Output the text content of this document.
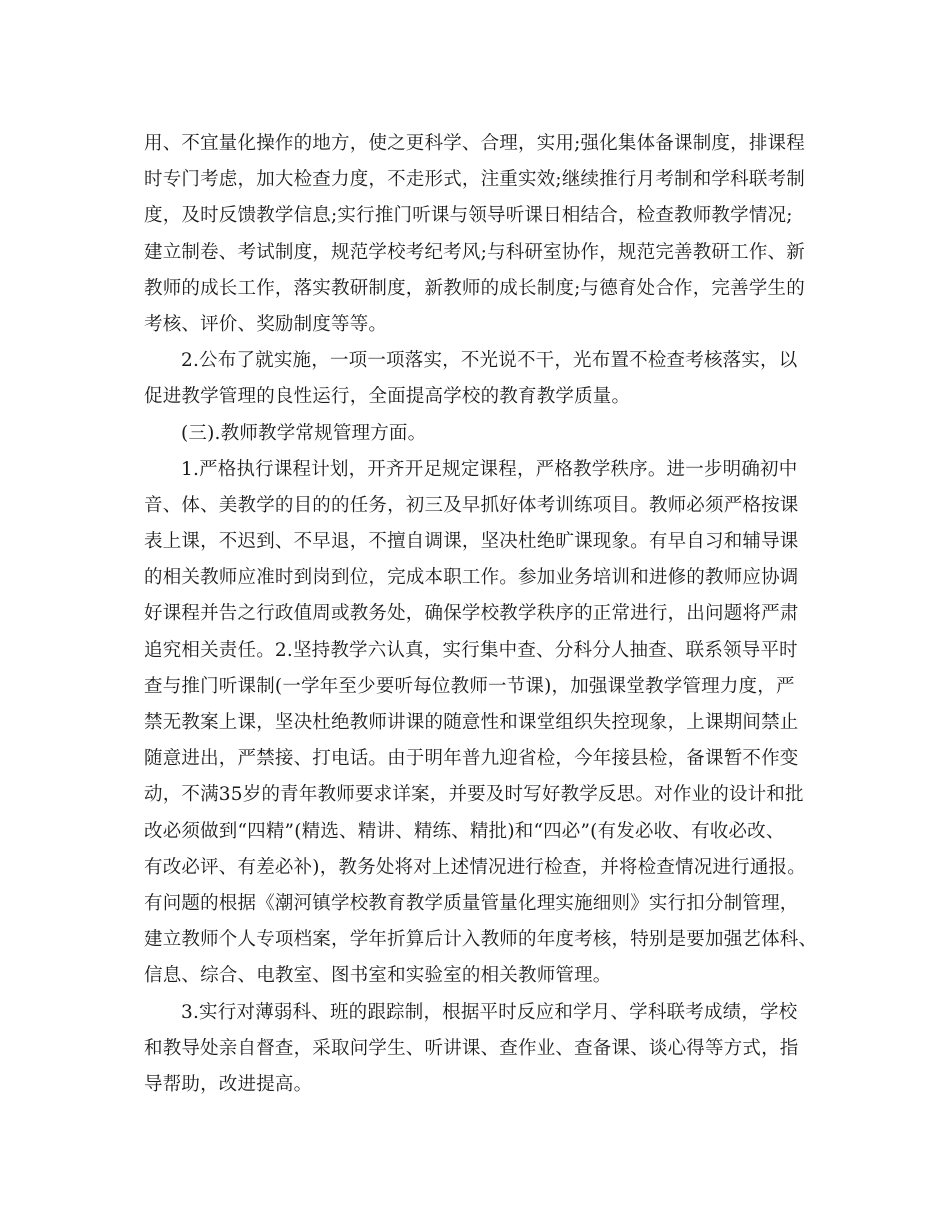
用、不宜量化操作的地方，使之更科学、合理，实用;强化集体备课制度，排课程
时专门考虑，加大检查力度，不走形式，注重实效;继续推行月考制和学科联考制
度，及时反馈教学信息;实行推门听课与领导听课日相结合，检查教师教学情况;
建立制卷、考试制度，规范学校考纪考风;与科研室协作，规范完善教研工作、新
教师的成长工作，落实教研制度，新教师的成长制度;与德育处合作，完善学生的
考核、评价、奖励制度等等。
2.公布了就实施，一项一项落实，不光说不干，光布置不检查考核落实，以
促进教学管理的良性运行，全面提高学校的教育教学质量。
(三).教师教学常规管理方面。
1.严格执行课程计划，开齐开足规定课程，严格教学秩序。进一步明确初中
音、体、美教学的目的的任务，初三及早抓好体考训练项目。教师必须严格按课
表上课，不迟到、不早退，不擅自调课，坚决杜绝旷课现象。有早自习和辅导课
的相关教师应准时到岗到位，完成本职工作。参加业务培训和进修的教师应协调
好课程并告之行政值周或教务处，确保学校教学秩序的正常进行，出问题将严肃
追究相关责任。2.坚持教学六认真，实行集中查、分科分人抽查、联系领导平时
查与推门听课制(一学年至少要听每位教师一节课)，加强课堂教学管理力度，严
禁无教案上课，坚决杜绝教师讲课的随意性和课堂组织失控现象，上课期间禁止
随意进出，严禁接、打电话。由于明年普九迎省检，今年接县检，备课暂不作变
动，不满35岁的青年教师要求详案，并要及时写好教学反思。对作业的设计和批
改必须做到“四精”(精选、精讲、精练、精批)和“四必”(有发必收、有收必改、
有改必评、有差必补)，教务处将对上述情况进行检查，并将检查情况进行通报。
有问题的根据《潮河镇学校教育教学质量管量化理实施细则》实行扣分制管理，
建立教师个人专项档案，学年折算后计入教师的年度考核，特别是要加强艺体科、
信息、综合、电教室、图书室和实验室的相关教师管理。
3.实行对薄弱科、班的跟踪制，根据平时反应和学月、学科联考成绩，学校
和教导处亲自督查，采取问学生、听讲课、查作业、查备课、谈心得等方式，指
导帮助，改进提高。
